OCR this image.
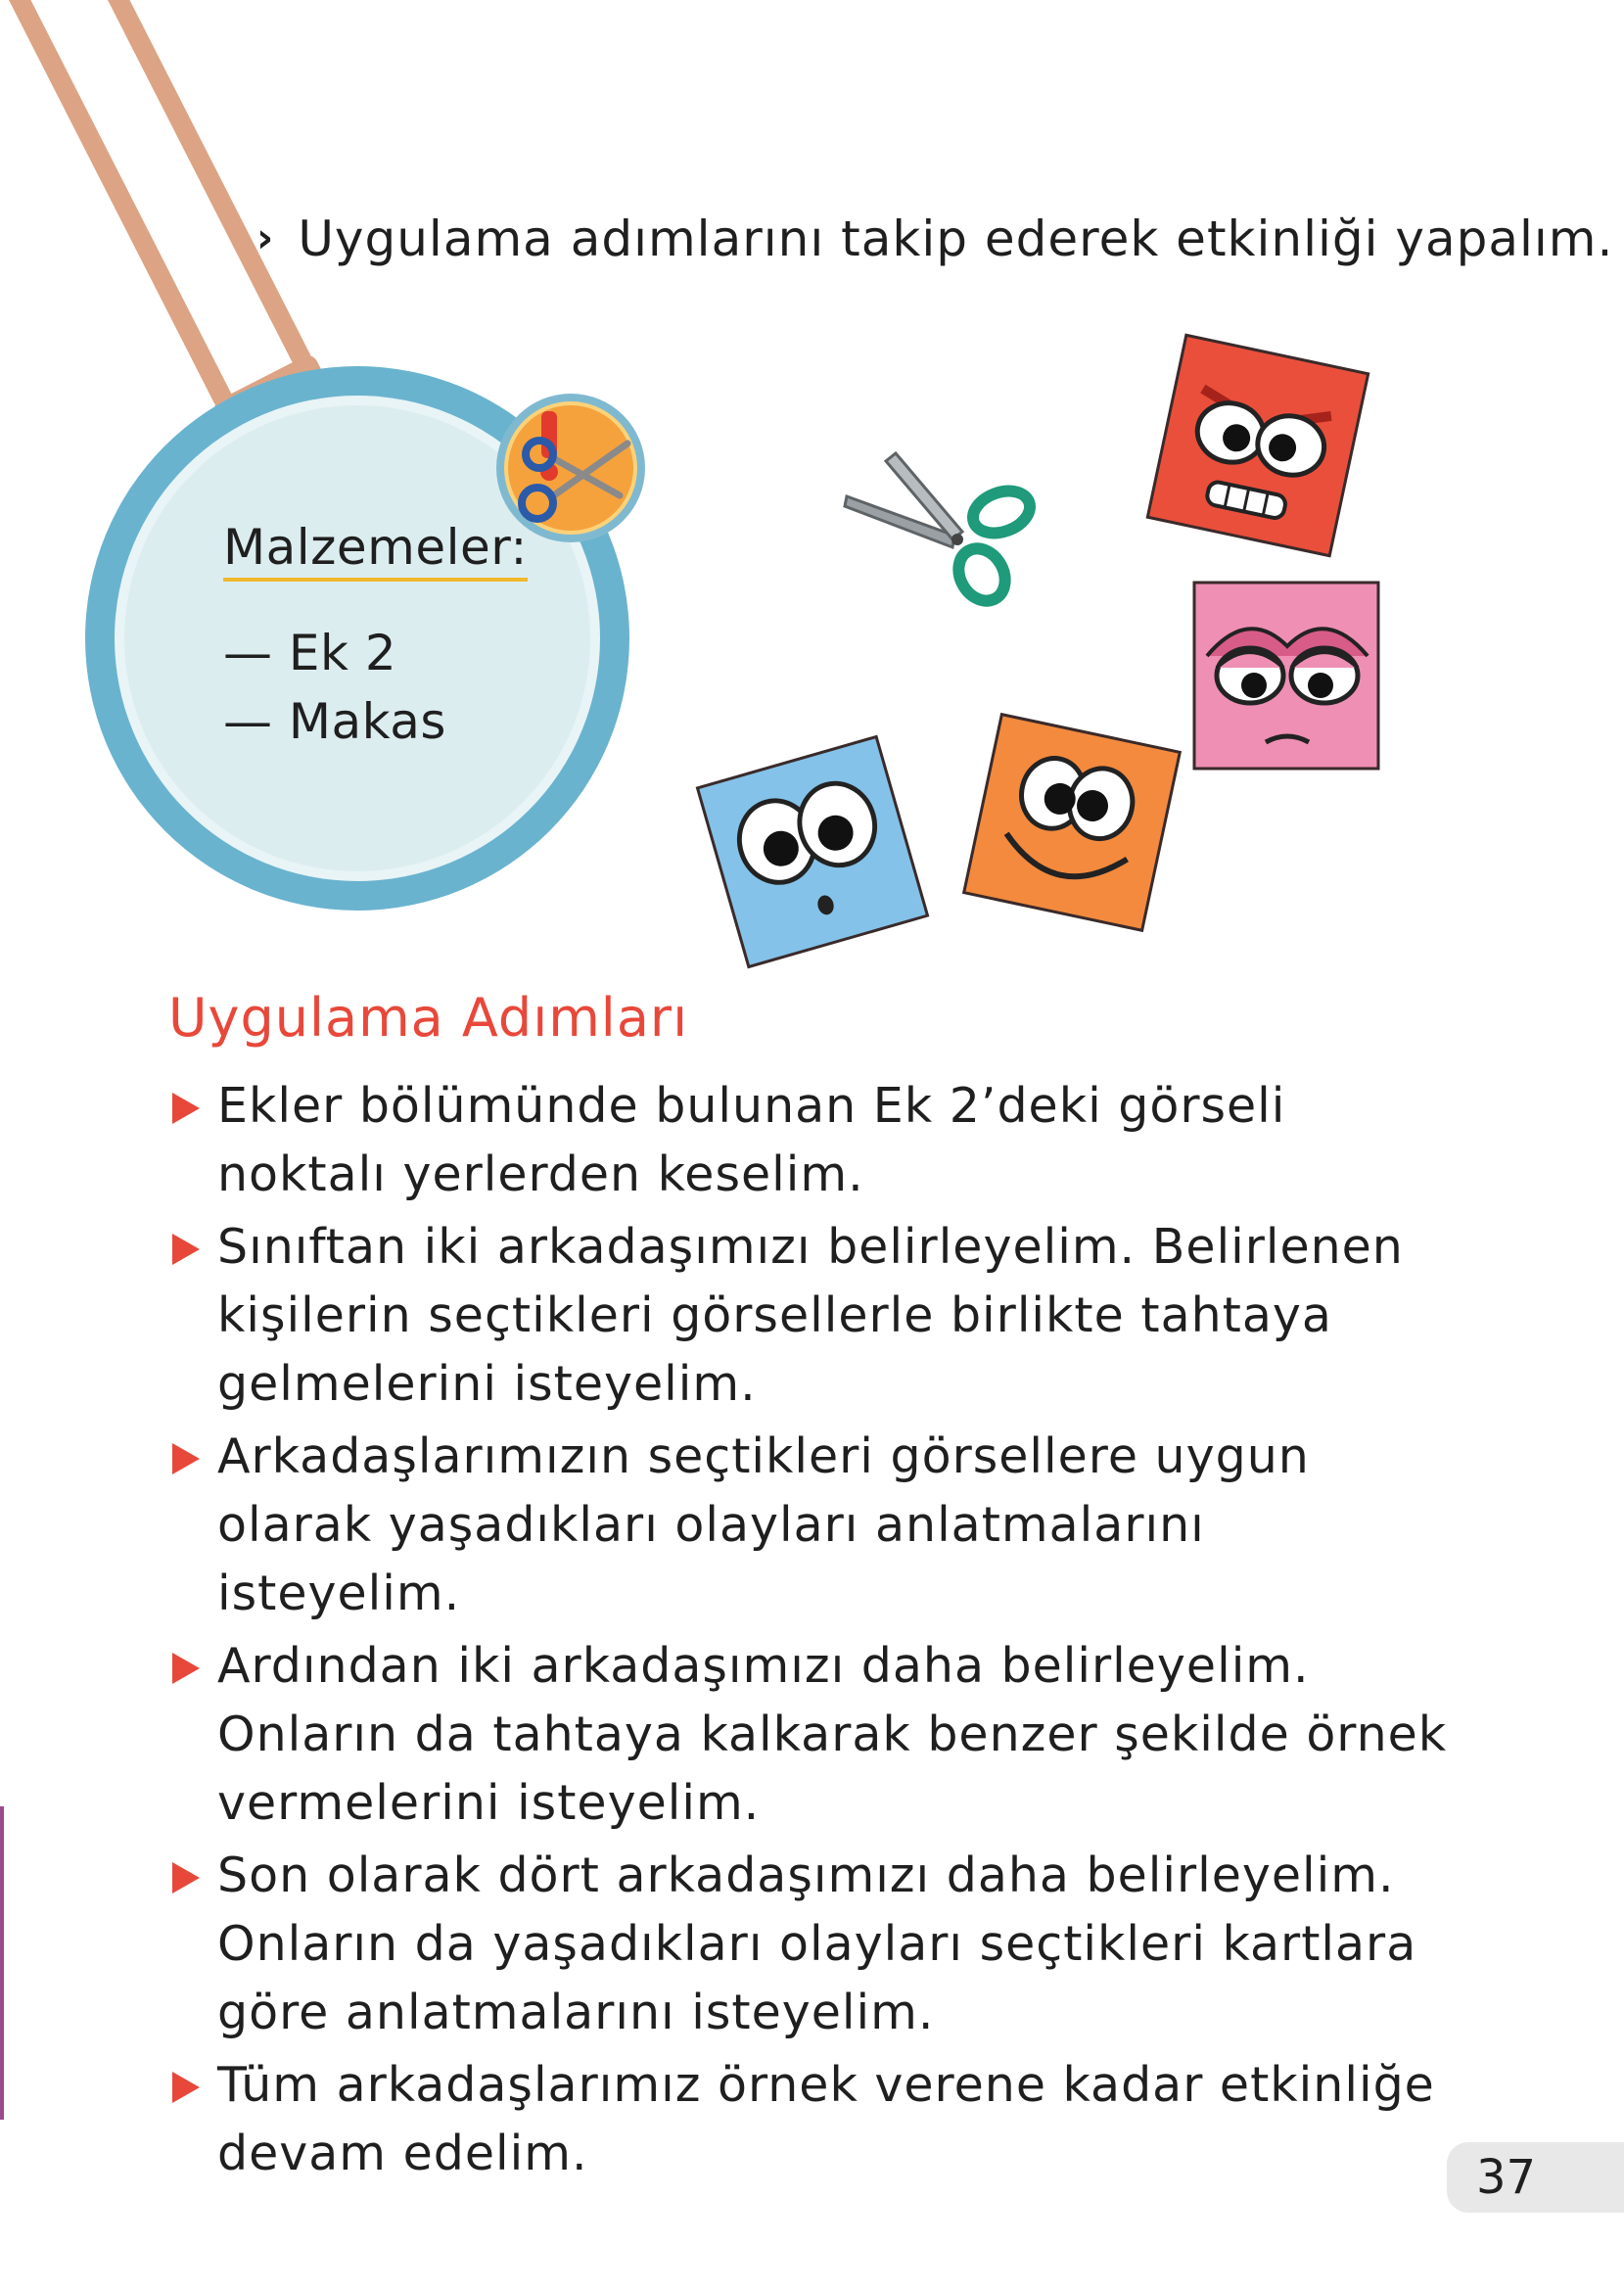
Malzemeler:
— Ek 2
— Makas
› Uygulama adımlarını takip ederek etkinliği yapalım.
Uygulama Adımları
Ekler bölümünde bulunan Ek 2’deki görseli noktalı yerlerden keselim.
Sınıftan iki arkadaşımızı belirleyelim. Belirlenen kişilerin seçtikleri görsellerle birlikte tahtaya gelmelerini isteyelim.
Arkadaşlarımızın seçtikleri görsellere uygun olarak yaşadıkları olayları anlatmalarını isteyelim.
Ardından iki arkadaşımızı daha belirleyelim. Onların da tahtaya kalkarak benzer şekilde örnek vermelerini isteyelim.
Son olarak dört arkadaşımızı daha belirleyelim. Onların da yaşadıkları olayları seçtikleri kartlara göre anlatmalarını isteyelim.
Tüm arkadaşlarımız örnek verene kadar etkinliğe devam edelim.	37
